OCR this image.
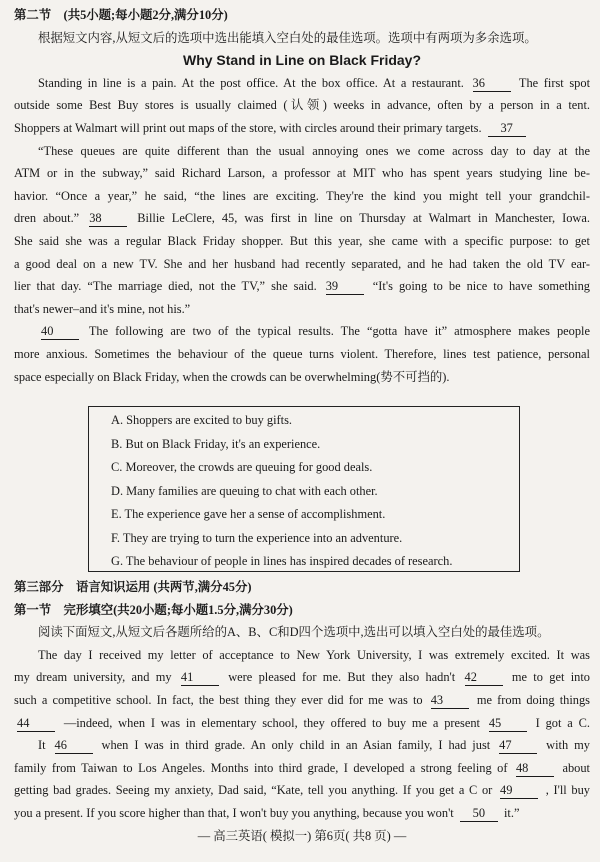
第二节　(共5小题;每小题2分,满分10分)
根据短文内容,从短文后的选项中选出能填入空白处的最佳选项。选项中有两项为多余选项。
Why Stand in Line on Black Friday?
Standing in line is a pain. At the post office. At the box office. At a restaurant. 36	The first spot
outside some Best Buy stores is usually claimed (认领) weeks in advance, often by a person in a tent.
Shoppers at Walmart will print out maps of the store, with circles around their primary targets. 37
“These queues are quite different than the usual annoying ones we come across day to day at the
ATM or in the subway,” said Richard Larson, a professor at MIT who has spent years studying line be-
havior. “Once a year,” he said, “the lines are exciting. They're the kind you might tell your grandchil-
dren about.” 38	Billie LeClere, 45, was first in line on Thursday at Walmart in Manchester, Iowa.
She said she was a regular Black Friday shopper. But this year, she came with a specific purpose: to get
a good deal on a new TV. She and her husband had recently separated, and he had taken the old TV ear-
lier that day. “The marriage died, not the TV,” she said. 39	“It's going to be nice to have something
that's newer–and it's mine, not his.”
40	The following are two of the typical results. The “gotta have it” atmosphere makes people
more anxious. Sometimes the behaviour of the queue turns violent. Therefore, lines test patience, personal
space especially on Black Friday, when the crowds can be overwhelming(势不可挡的).
A. Shoppers are excited to buy gifts.
B. But on Black Friday, it's an experience.
C. Moreover, the crowds are queuing for good deals.
D. Many families are queuing to chat with each other.
E. The experience gave her a sense of accomplishment.
F. They are trying to turn the experience into an adventure.
G. The behaviour of people in lines has inspired decades of research.
第三部分　语言知识运用 (共两节,满分45分)
第一节　完形填空(共20小题;每小题1.5分,满分30分)
阅读下面短文,从短文后各题所给的A、B、C和D四个选项中,选出可以填入空白处的最佳选项。
The day I received my letter of acceptance to New York University, I was extremely excited. It was
my dream university, and my 41	were pleased for me. But they also hadn't 42	me to get into
such a competitive school. In fact, the best thing they ever did for me was to 43	me from doing things
44	—indeed, when I was in elementary school, they offered to buy me a present 45	I got a C.
It 46	when I was in third grade. An only child in an Asian family, I had just 47	with my
family from Taiwan to Los Angeles. Months into third grade, I developed a strong feeling of 48	about
getting bad grades. Seeing my anxiety, Dad said, “Kate, tell you anything. If you get a C or 49	, I'll buy
you a present. If you score higher than that, I won't buy you anything, because you won't 50 it.”
— 高三英语( 模拟一) 第6页( 共8 页) —
